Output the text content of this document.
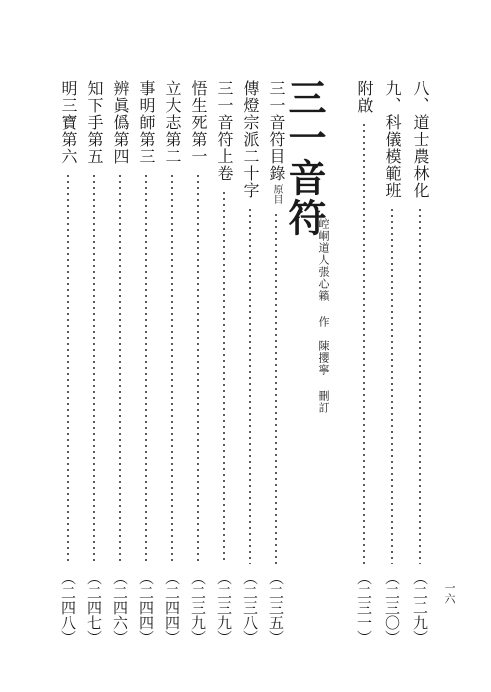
一六
八、道士農林化
（二二九）
九、科儀模範班
（二三〇）
附啟
（二三一）
三一音符
崆峒道人張心籟 作　陳攖寧 刪訂
三一音符目錄
原目
（二三五）
傳燈宗派二十字
（二三八）
三一音符上卷
（二三九）
悟生死第一
（二三九）
立大志第二
（二四四）
事明師第三
（二四四）
辨眞僞第四
（二四六）
知下手第五
（二四七）
明三寶第六
（二四八）
